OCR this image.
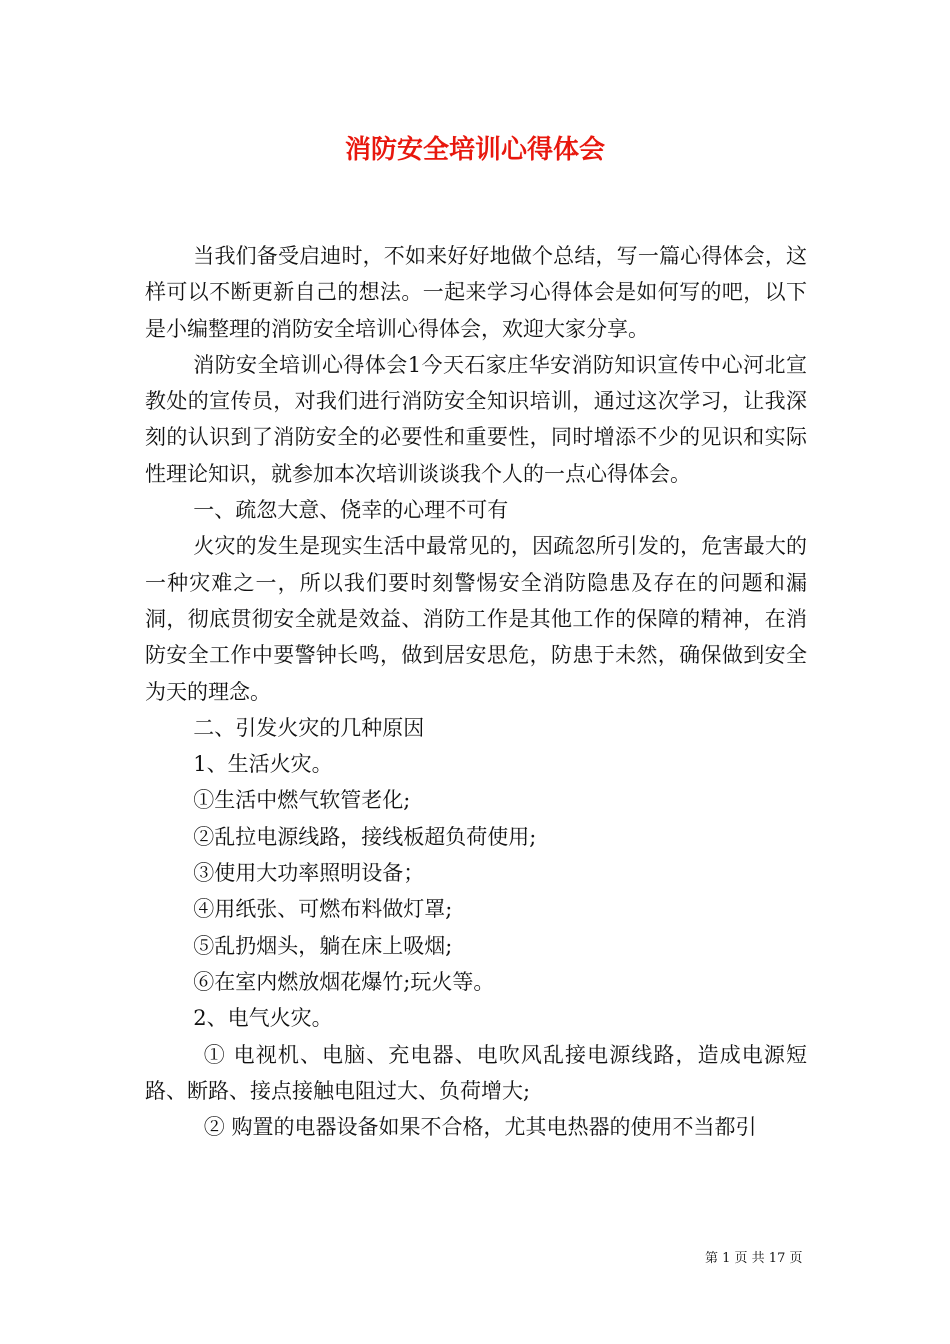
消防安全培训心得体会

当我们备受启迪时，不如来好好地做个总结，写一篇心得体会，这样可以不断更新自己的想法。一起来学习心得体会是如何写的吧，以下是小编整理的消防安全培训心得体会，欢迎大家分享。

消防安全培训心得体会1今天石家庄华安消防知识宣传中心河北宣教处的宣传员，对我们进行消防安全知识培训，通过这次学习，让我深刻的认识到了消防安全的必要性和重要性，同时增添不少的见识和实际性理论知识，就参加本次培训谈谈我个人的一点心得体会。

一、疏忽大意、侥幸的心理不可有

火灾的发生是现实生活中最常见的，因疏忽所引发的，危害最大的一种灾难之一，所以我们要时刻警惕安全消防隐患及存在的问题和漏洞，彻底贯彻安全就是效益、消防工作是其他工作的保障的精神，在消防安全工作中要警钟长鸣，做到居安思危，防患于未然，确保做到安全为天的理念。

二、引发火灾的几种原因

1、生活火灾。

①生活中燃气软管老化;

②乱拉电源线路，接线板超负荷使用;

③使用大功率照明设备；

④用纸张、可燃布料做灯罩;

⑤乱扔烟头，躺在床上吸烟;

⑥在室内燃放烟花爆竹;玩火等。

2、电气火灾。

① 电视机、电脑、充电器、电吹风乱接电源线路，造成电源短路、断路、接点接触电阻过大、负荷增大;

② 购置的电器设备如果不合格，尤其电热器的使用不当都引

第 1 页 共 17 页
